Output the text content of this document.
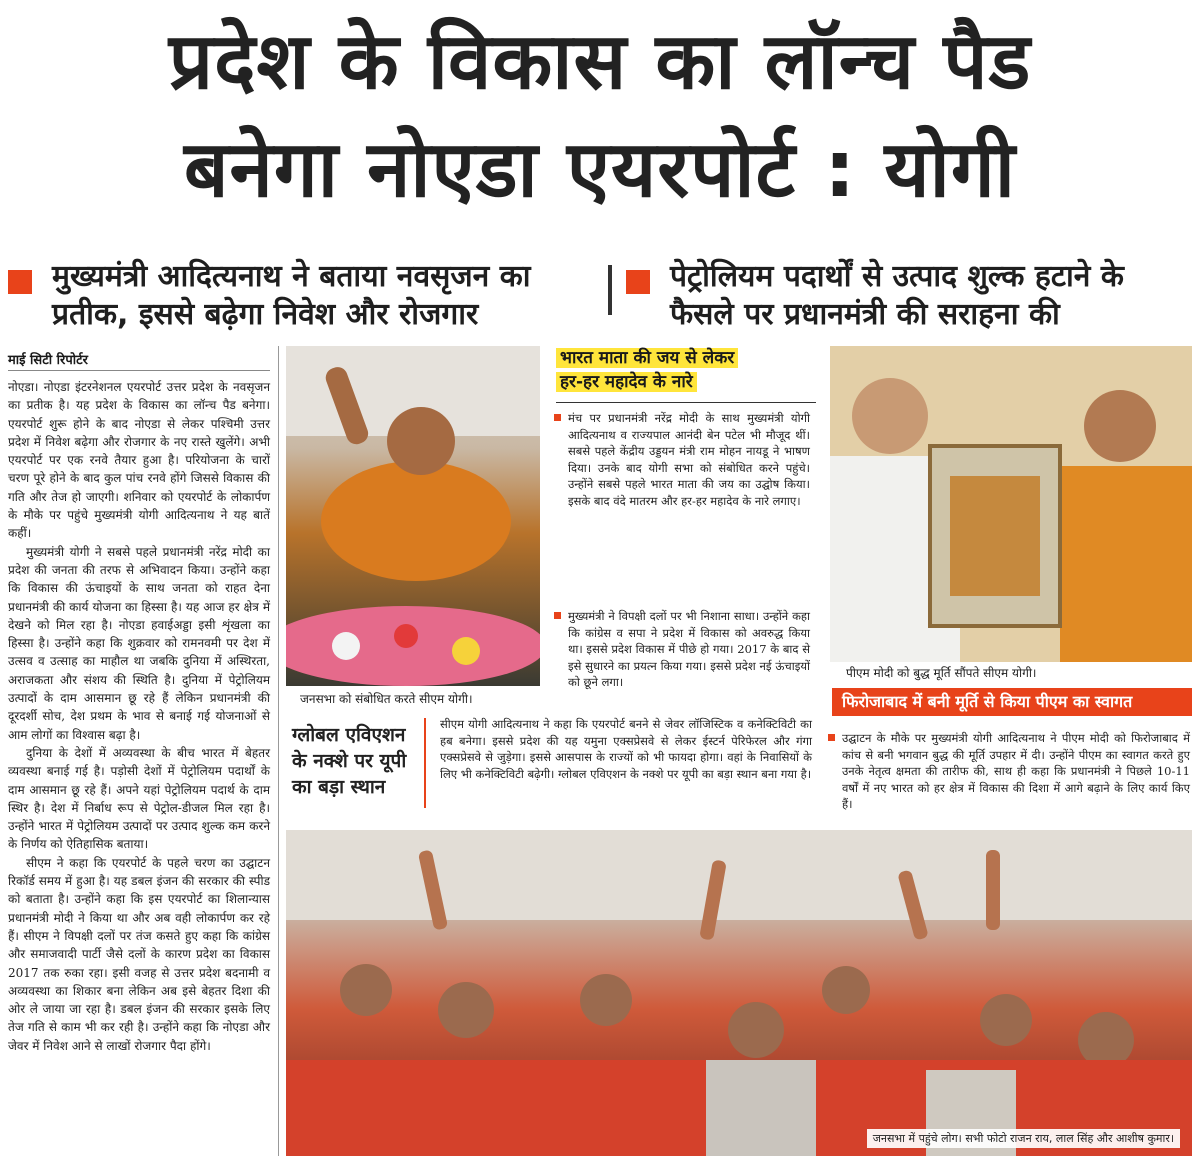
प्रदेश के विकास का लॉन्च पैड
बनेगा नोएडा एयरपोर्ट : योगी
मुख्यमंत्री आदित्यनाथ ने बताया नवसृजन का प्रतीक, इससे बढ़ेगा निवेश और रोजगार
पेट्रोलियम पदार्थों से उत्पाद शुल्क हटाने के फैसले पर प्रधानमंत्री की सराहना की
माई सिटी रिपोर्टर

नोएडा। नोएडा इंटरनेशनल एयरपोर्ट उत्तर प्रदेश के नवसृजन का प्रतीक है। यह प्रदेश के विकास का लॉन्च पैड बनेगा। एयरपोर्ट शुरू होने के बाद नोएडा से लेकर पश्चिमी उत्तर प्रदेश में निवेश बढ़ेगा और रोजगार के नए रास्ते खुलेंगे। अभी एयरपोर्ट पर एक रनवे तैयार हुआ है। परियोजना के चारों चरण पूरे होने के बाद कुल पांच रनवे होंगे जिससे विकास की गति और तेज हो जाएगी। शनिवार को एयरपोर्ट के लोकार्पण के मौके पर पहुंचे मुख्यमंत्री योगी आदित्यनाथ ने यह बातें कहीं।

मुख्यमंत्री योगी ने सबसे पहले प्रधानमंत्री नरेंद्र मोदी का प्रदेश की जनता की तरफ से अभिवादन किया। उन्होंने कहा कि विकास की ऊंचाइयों के साथ जनता को राहत देना प्रधानमंत्री की कार्य योजना का हिस्सा है। यह आज हर क्षेत्र में देखने को मिल रहा है। नोएडा हवाईअड्डा इसी शृंखला का हिस्सा है। उन्होंने कहा कि शुक्रवार को रामनवमी पर देश में उत्सव व उत्साह का माहौल था जबकि दुनिया में अस्थिरता, अराजकता और संशय की स्थिति है। दुनिया में पेट्रोलियम उत्पादों के दाम आसमान छू रहे हैं लेकिन प्रधानमंत्री की दूरदर्शी सोच, देश प्रथम के भाव से बनाई गई योजनाओं से आम लोगों का विश्वास बढ़ा है।

दुनिया के देशों में अव्यवस्था के बीच भारत में बेहतर व्यवस्था बनाई गई है। पड़ोसी देशों में पेट्रोलियम पदार्थों के दाम आसमान छू रहे हैं। अपने यहां पेट्रोलियम पदार्थ के दाम स्थिर है। देश में निर्बाध रूप से पेट्रोल-डीजल मिल रहा है। उन्होंने भारत में पेट्रोलियम उत्पादों पर उत्पाद शुल्क कम करने के निर्णय को ऐतिहासिक बताया।

सीएम ने कहा कि एयरपोर्ट के पहले चरण का उद्घाटन रिकॉर्ड समय में हुआ है। यह डबल इंजन की सरकार की स्पीड को बताता है। उन्होंने कहा कि इस एयरपोर्ट का शिलान्यास प्रधानमंत्री मोदी ने किया था और अब वही लोकार्पण कर रहे हैं। सीएम ने विपक्षी दलों पर तंज कसते हुए कहा कि कांग्रेस और समाजवादी पार्टी जैसे दलों के कारण प्रदेश का विकास 2017 तक रुका रहा। इसी वजह से उत्तर प्रदेश बदनामी व अव्यवस्था का शिकार बना लेकिन अब इसे बेहतर दिशा की ओर ले जाया जा रहा है। डबल इंजन की सरकार इसके लिए तेज गति से काम भी कर रही है। उन्होंने कहा कि नोएडा और जेवर में निवेश आने से लाखों रोजगार पैदा होंगे।

जनसभा को संबोधित करते सीएम योगी।
भारत माता की जय से लेकर
हर-हर महादेव के नारे
मंच पर प्रधानमंत्री नरेंद्र मोदी के साथ मुख्यमंत्री योगी आदित्यनाथ व राज्यपाल आनंदी बेन पटेल भी मौजूद थीं। सबसे पहले केंद्रीय उड्डयन मंत्री राम मोहन नायडू ने भाषण दिया। उनके बाद योगी सभा को संबोधित करने पहुंचे। उन्होंने सबसे पहले भारत माता की जय का उद्घोष किया। इसके बाद वंदे मातरम और हर-हर महादेव के नारे लगाए।
मुख्यमंत्री ने विपक्षी दलों पर भी निशाना साधा। उन्होंने कहा कि कांग्रेस व सपा ने प्रदेश में विकास को अवरुद्ध किया था। इससे प्रदेश विकास में पीछे हो गया। 2017 के बाद से इसे सुधारने का प्रयत्न किया गया। इससे प्रदेश नई ऊंचाइयों को छूने लगा।
पीएम मोदी को बुद्ध मूर्ति सौंपते सीएम योगी।
ग्लोबल एविएशन के नक्शे पर यूपी का बड़ा स्थान
सीएम योगी आदित्यनाथ ने कहा कि एयरपोर्ट बनने से जेवर लॉजिस्टिक व कनेक्टिविटी का हब बनेगा। इससे प्रदेश की यह यमुना एक्सप्रेसवे से लेकर ईस्टर्न पेरिफेरल और गंगा एक्सप्रेसवे से जुड़ेगा। इससे आसपास के राज्यों को भी फायदा होगा। वहां के निवासियों के लिए भी कनेक्टिविटी बढ़ेगी। ग्लोबल एविएशन के नक्शे पर यूपी का बड़ा स्थान बना गया है।
फिरोजाबाद में बनी मूर्ति से किया पीएम का स्वागत
उद्घाटन के मौके पर मुख्यमंत्री योगी आदित्यनाथ ने पीएम मोदी को फिरोजाबाद में कांच से बनी भगवान बुद्ध की मूर्ति उपहार में दी। उन्होंने पीएम का स्वागत करते हुए उनके नेतृत्व क्षमता की तारीफ की, साथ ही कहा कि प्रधानमंत्री ने पिछले 10-11 वर्षों में नए भारत को हर क्षेत्र में विकास की दिशा में आगे बढ़ाने के लिए कार्य किए हैं।
जनसभा में पहुंचे लोग। सभी फोटो राजन राय, लाल सिंह और आशीष कुमार।
